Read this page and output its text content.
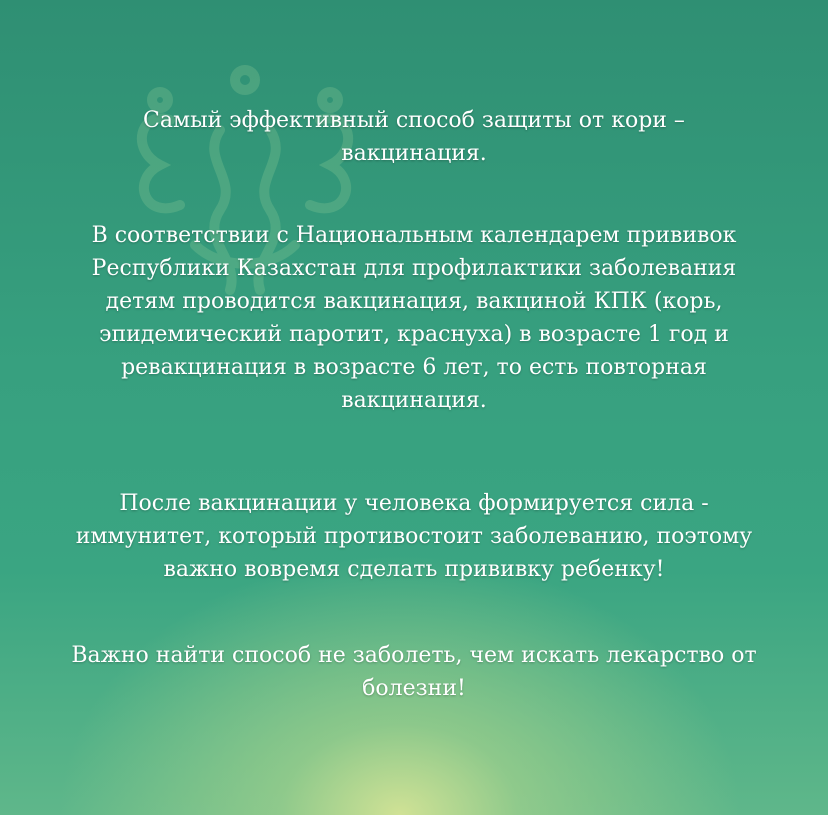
Самый эффективный способ защиты от кори –
вакцинация.

В соответствии с Национальным календарем прививок
Республики Казахстан для профилактики заболевания
детям проводится вакцинация, вакциной КПК (корь,
эпидемический паротит, краснуха) в возрасте 1 год и
ревакцинация в возрасте 6 лет, то есть повторная
вакцинация.

После вакцинации у человека формируется сила -
иммунитет, который противостоит заболеванию, поэтому
важно вовремя сделать прививку ребенку!

Важно найти способ не заболеть, чем искать лекарство от
болезни!
